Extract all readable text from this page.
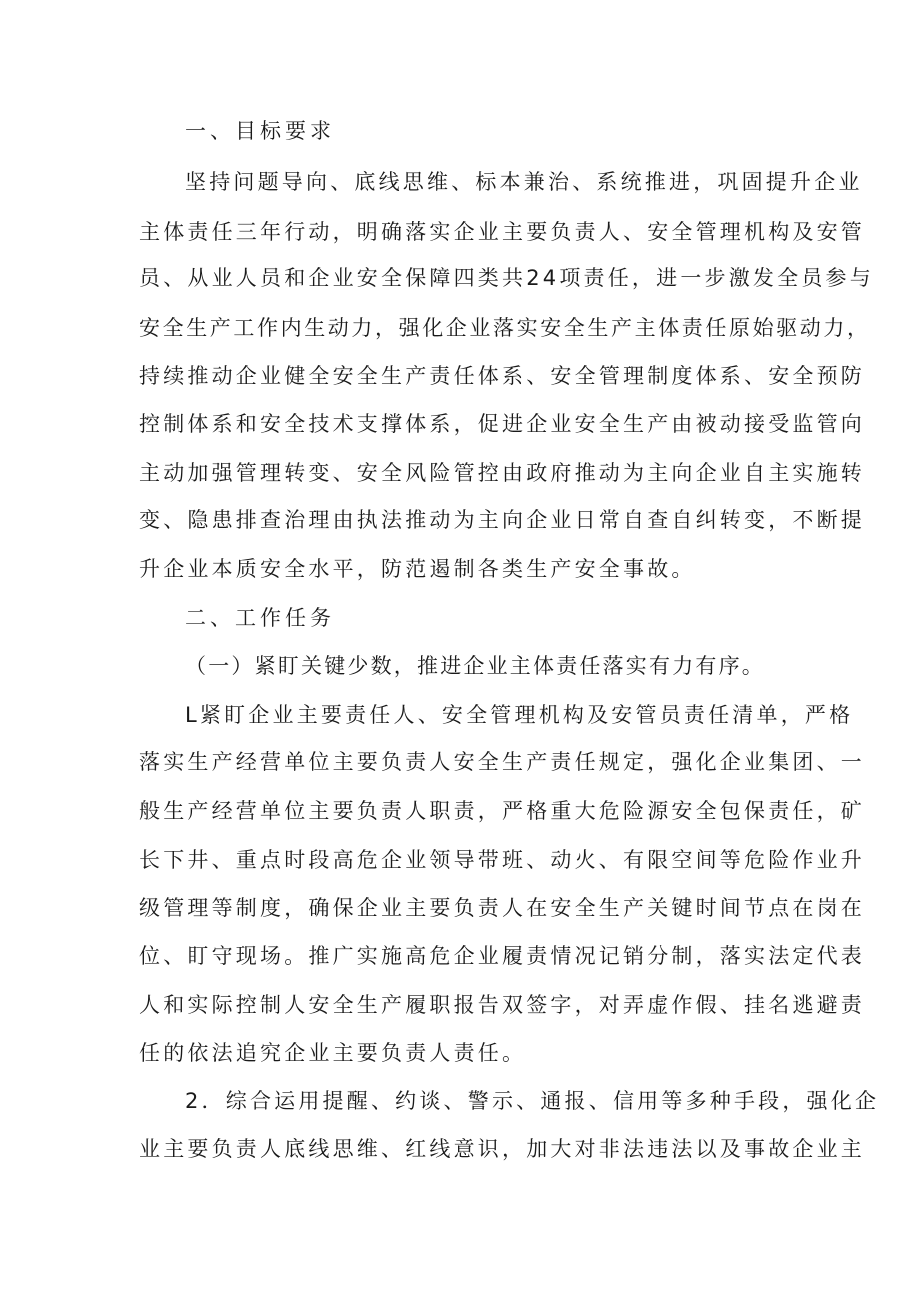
一、目标要求
坚持问题导向、底线思维、标本兼治、系统推进，巩固提升企业
主体责任三年行动，明确落实企业主要负责人、安全管理机构及安管
员、从业人员和企业安全保障四类共24项责任，进一步激发全员参与
安全生产工作内生动力，强化企业落实安全生产主体责任原始驱动力，
持续推动企业健全安全生产责任体系、安全管理制度体系、安全预防
控制体系和安全技术支撑体系，促进企业安全生产由被动接受监管向
主动加强管理转变、安全风险管控由政府推动为主向企业自主实施转
变、隐患排查治理由执法推动为主向企业日常自查自纠转变，不断提
升企业本质安全水平，防范遏制各类生产安全事故。
二、工作任务
（一）紧盯关键少数，推进企业主体责任落实有力有序。
L紧盯企业主要责任人、安全管理机构及安管员责任清单，严格
落实生产经营单位主要负责人安全生产责任规定，强化企业集团、一
般生产经营单位主要负责人职责，严格重大危险源安全包保责任，矿
长下井、重点时段高危企业领导带班、动火、有限空间等危险作业升
级管理等制度，确保企业主要负责人在安全生产关键时间节点在岗在
位、盯守现场。推广实施高危企业履责情况记销分制，落实法定代表
人和实际控制人安全生产履职报告双签字，对弄虚作假、挂名逃避责
任的依法追究企业主要负责人责任。
2．综合运用提醒、约谈、警示、通报、信用等多种手段，强化企
业主要负责人底线思维、红线意识，加大对非法违法以及事故企业主
